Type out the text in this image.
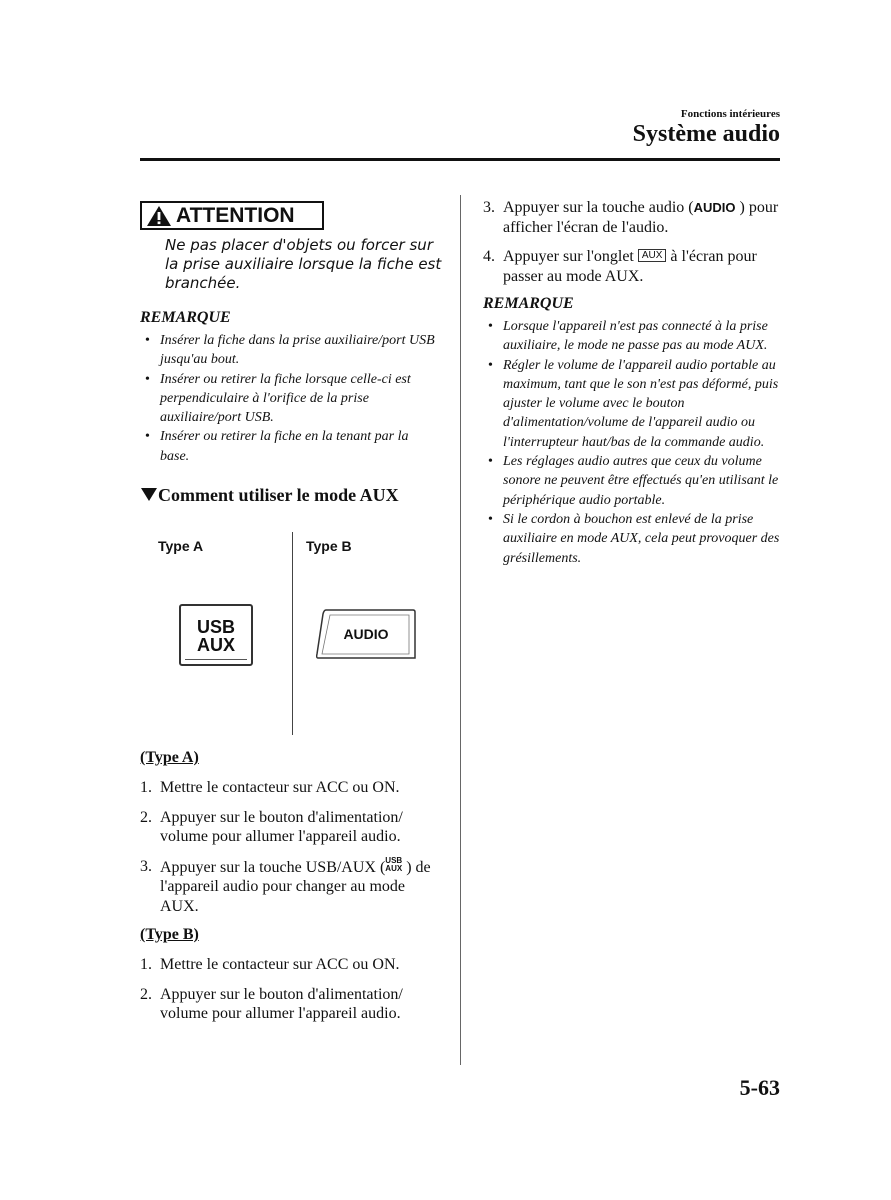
Fonctions intérieures
Système audio
ATTENTION
Ne pas placer d'objets ou forcer sur la prise auxiliaire lorsque la fiche est branchée.
REMARQUE
• Insérer la fiche dans la prise auxiliaire/port USB jusqu'au bout.
• Insérer ou retirer la fiche lorsque celle-ci est perpendiculaire à l'orifice de la prise auxiliaire/port USB.
• Insérer ou retirer la fiche en la tenant par la base.
Comment utiliser le mode AUX
Type A	Type B
USB
AUX
AUDIO
(Type A)
1. Mettre le contacteur sur ACC ou ON.
2. Appuyer sur le bouton d'alimentation/ volume pour allumer l'appareil audio.
3. Appuyer sur la touche USB/AUX (USB
AUX ) de l'appareil audio pour changer au mode AUX.
(Type B)
1. Mettre le contacteur sur ACC ou ON.
2. Appuyer sur le bouton d'alimentation/ volume pour allumer l'appareil audio.
3. Appuyer sur la touche audio (AUDIO ) pour afficher l'écran de l'audio.
4. Appuyer sur l'onglet AUX à l'écran pour passer au mode AUX.
REMARQUE
• Lorsque l'appareil n'est pas connecté à la prise auxiliaire, le mode ne passe pas au mode AUX.
• Régler le volume de l'appareil audio portable au maximum, tant que le son n'est pas déformé, puis ajuster le volume avec le bouton d'alimentation/volume de l'appareil audio ou l'interrupteur haut/bas de la commande audio.
• Les réglages audio autres que ceux du volume sonore ne peuvent être effectués qu'en utilisant le périphérique audio portable.
• Si le cordon à bouchon est enlevé de la prise auxiliaire en mode AUX, cela peut provoquer des grésillements.
5-63
